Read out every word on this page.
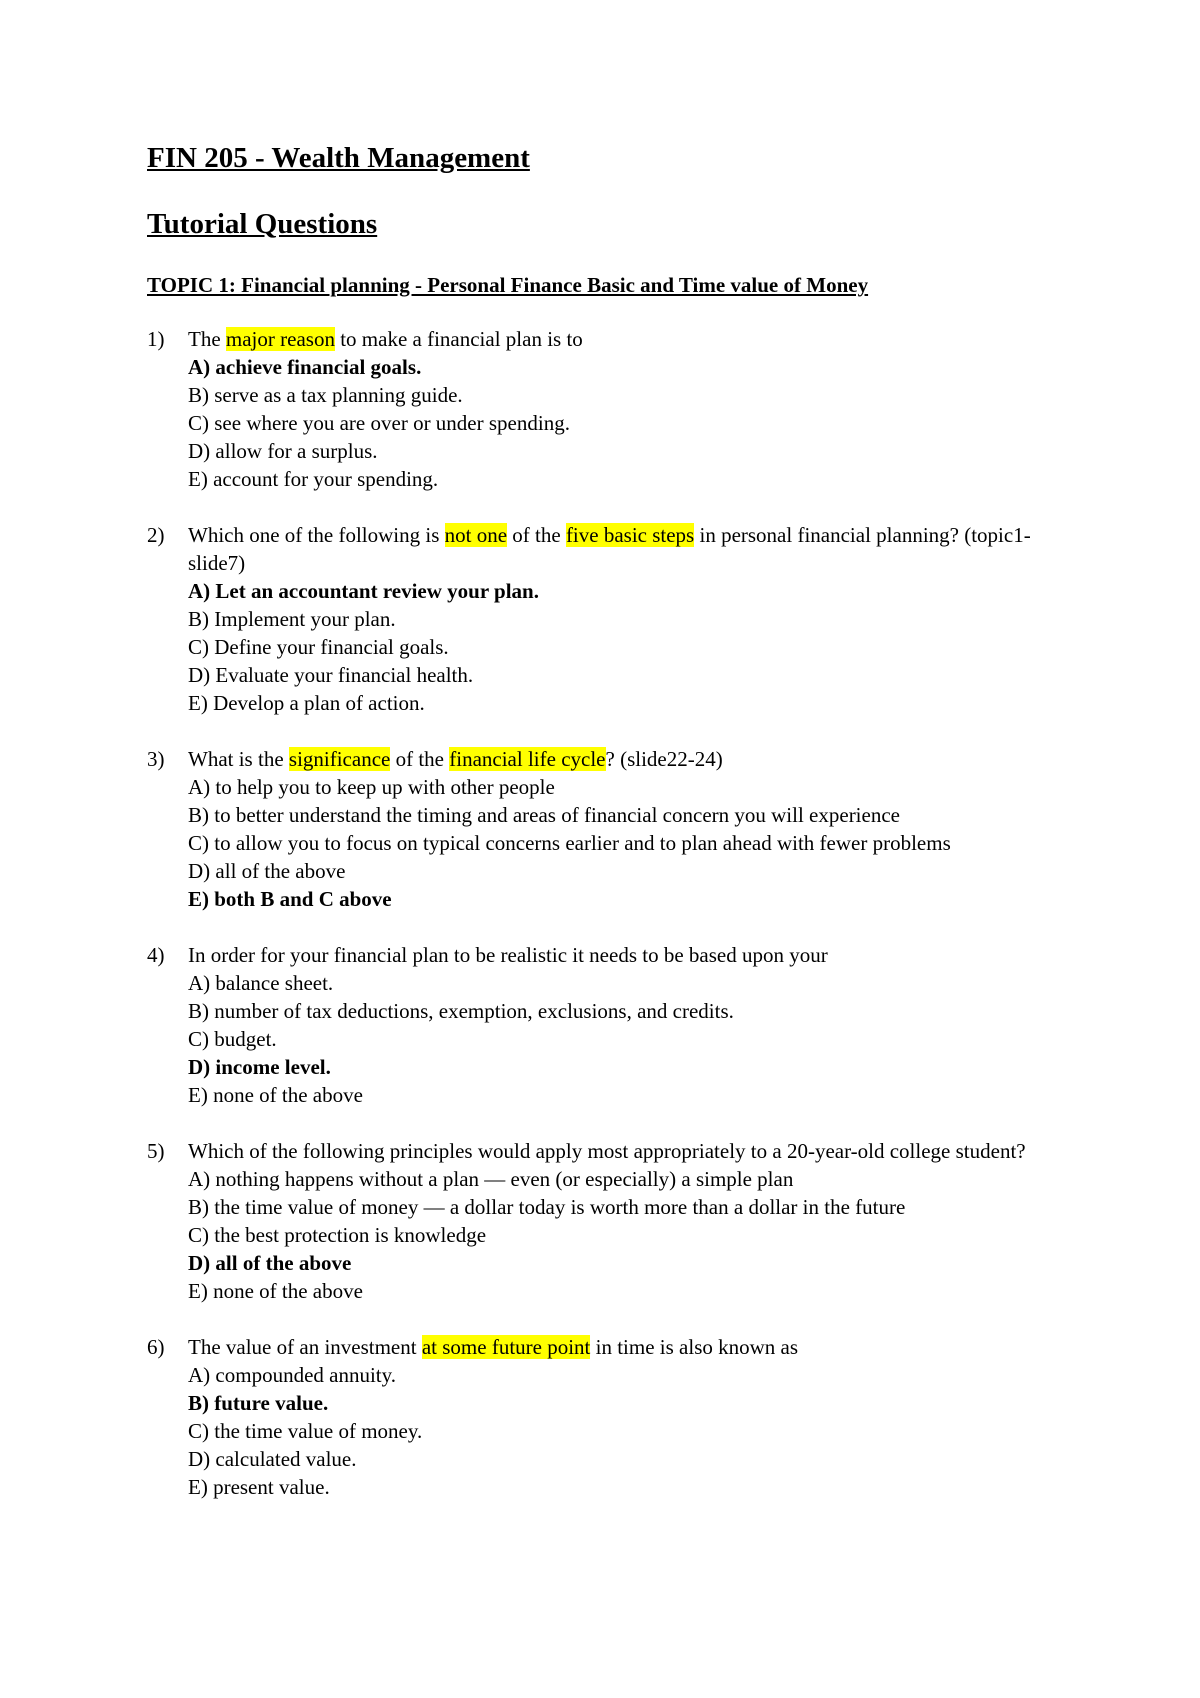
FIN 205 - Wealth Management
Tutorial Questions
TOPIC 1: Financial planning - Personal Finance Basic and Time value of Money
1) The major reason to make a financial plan is to
A) achieve financial goals.
B) serve as a tax planning guide.
C) see where you are over or under spending.
D) allow for a surplus.
E) account for your spending.
2) Which one of the following is not one of the five basic steps in personal financial planning? (topic1- slide7)
A) Let an accountant review your plan.
B) Implement your plan.
C) Define your financial goals.
D) Evaluate your financial health.
E) Develop a plan of action.
3) What is the significance of the financial life cycle? (slide22-24)
A) to help you to keep up with other people
B) to better understand the timing and areas of financial concern you will experience
C) to allow you to focus on typical concerns earlier and to plan ahead with fewer problems
D) all of the above
E) both B and C above
4) In order for your financial plan to be realistic it needs to be based upon your
A) balance sheet.
B) number of tax deductions, exemption, exclusions, and credits.
C) budget.
D) income level.
E) none of the above
5) Which of the following principles would apply most appropriately to a 20-year-old college student?
A) nothing happens without a plan — even (or especially) a simple plan
B) the time value of money — a dollar today is worth more than a dollar in the future
C) the best protection is knowledge
D) all of the above
E) none of the above
6) The value of an investment at some future point in time is also known as
A) compounded annuity.
B) future value.
C) the time value of money.
D) calculated value.
E) present value.
